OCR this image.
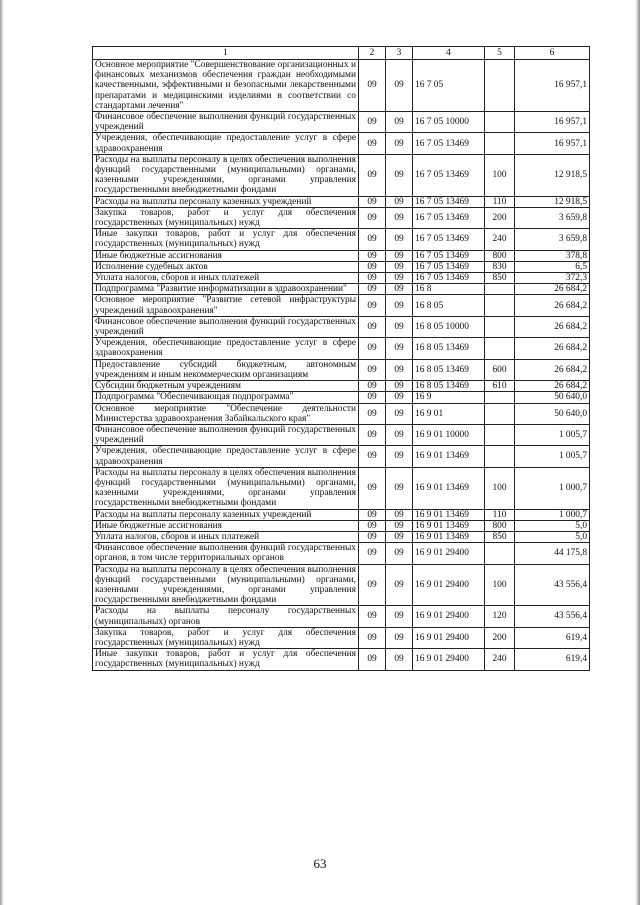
1	2	3	4	5	6
Основное мероприятие "Совершенствование организационных и финансовых механизмов обеспечения граждан необходимыми качественными, эффективными и безопасными лекарственными препаратами и медицинскими изделиями в соответствии со стандартами лечения"	09	09	16 7 05		16 957,1
Финансовое обеспечение выполнения функций государственных учреждений	09	09	16 7 05 10000		16 957,1
Учреждения, обеспечивающие предоставление услуг в сфере здравоохранения	09	09	16 7 05 13469		16 957,1
Расходы на выплаты персоналу в целях обеспечения выполнения функций государственными (муниципальными) органами, казенными учреждениями, органами управления государственными внебюджетными фондами	09	09	16 7 05 13469	100	12 918,5
Расходы на выплаты персоналу казенных учреждений	09	09	16 7 05 13469	110	12 918,5
Закупка товаров, работ и услуг для обеспечения государственных (муниципальных) нужд	09	09	16 7 05 13469	200	3 659,8
Иные закупки товаров, работ и услуг для обеспечения государственных (муниципальных) нужд	09	09	16 7 05 13469	240	3 659,8
Иные бюджетные ассигнования	09	09	16 7 05 13469	800	378,8
Исполнение судебных актов	09	09	16 7 05 13469	830	6,5
Уплата налогов, сборов и иных платежей	09	09	16 7 05 13469	850	372,3
Подпрограмма "Развитие информатизации в здравоохранении"	09	09	16 8		26 684,2
Основное мероприятие "Развитие сетевой инфраструктуры учреждений здравоохранения"	09	09	16 8 05		26 684,2
Финансовое обеспечение выполнения функций государственных учреждений	09	09	16 8 05 10000		26 684,2
Учреждения, обеспечивающие предоставление услуг в сфере здравоохранения	09	09	16 8 05 13469		26 684,2
Предоставление субсидий бюджетным, автономным учреждениям и иным некоммерческим организациям	09	09	16 8 05 13469	600	26 684,2
Субсидии бюджетным учреждениям	09	09	16 8 05 13469	610	26 684,2
Подпрограмма "Обеспечивающая подпрограмма"	09	09	16 9		50 640,0
Основное мероприятие "Обеспечение деятельности Министерства здравоохранения Забайкальского края"	09	09	16 9 01		50 640,0
Финансовое обеспечение выполнения функций государственных учреждений	09	09	16 9 01 10000		1 005,7
Учреждения, обеспечивающие предоставление услуг в сфере здравоохранения	09	09	16 9 01 13469		1 005,7
Расходы на выплаты персоналу в целях обеспечения выполнения функций государственными (муниципальными) органами, казенными учреждениями, органами управления государственными внебюджетными фондами	09	09	16 9 01 13469	100	1 000,7
Расходы на выплаты персоналу казенных учреждений	09	09	16 9 01 13469	110	1 000,7
Иные бюджетные ассигнования	09	09	16 9 01 13469	800	5,0
Уплата налогов, сборов и иных платежей	09	09	16 9 01 13469	850	5,0
Финансовое обеспечение выполнения функций государственных органов, в том числе территориальных органов	09	09	16 9 01 29400		44 175,8
Расходы на выплаты персоналу в целях обеспечения выполнения функций государственными (муниципальными) органами, казенными учреждениями, органами управления государственными внебюджетными фондами	09	09	16 9 01 29400	100	43 556,4
Расходы на выплаты персоналу государственных (муниципальных) органов	09	09	16 9 01 29400	120	43 556,4
Закупка товаров, работ и услуг для обеспечения государственных (муниципальных) нужд	09	09	16 9 01 29400	200	619,4
Иные закупки товаров, работ и услуг для обеспечения государственных (муниципальных) нужд	09	09	16 9 01 29400	240	619,4
63
